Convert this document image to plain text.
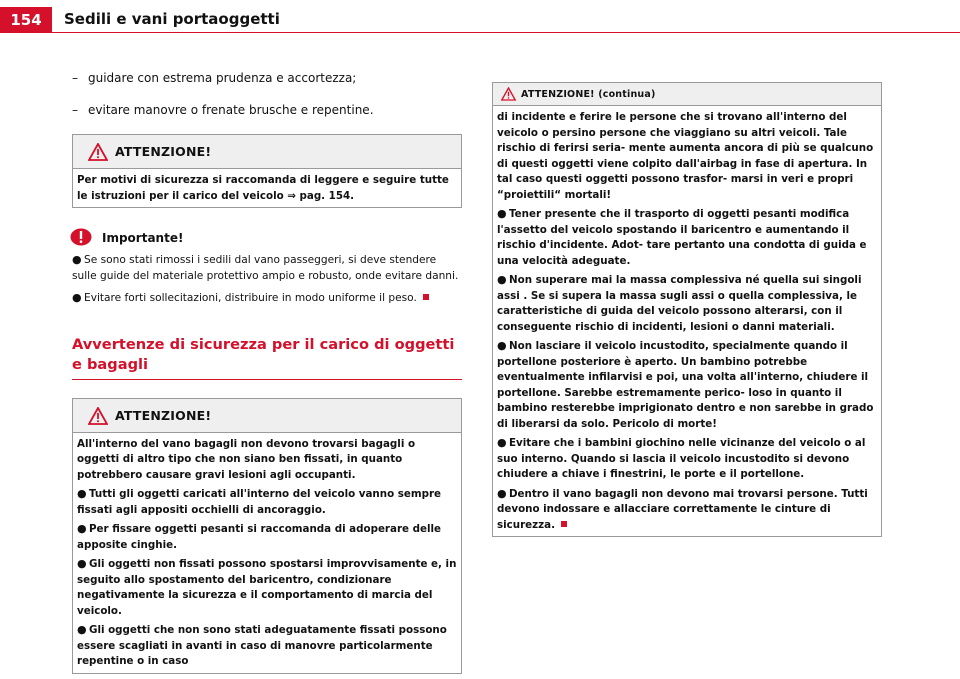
154	Sedili e vani portaoggetti

– guidare con estrema prudenza e accortezza;

– evitare manovre o frenate brusche e repentine.

ATTENZIONE!

Per motivi di sicurezza si raccomanda di leggere e seguire tutte le istruzioni per il carico del veicolo ⇒ pag. 154.

Importante!

● Se sono stati rimossi i sedili dal vano passeggeri, si deve stendere sulle guide del materiale protettivo ampio e robusto, onde evitare danni.

● Evitare forti sollecitazioni, distribuire in modo uniforme il peso.

Avvertenze di sicurezza per il carico di oggetti e bagagli
ATTENZIONE!

All'interno del vano bagagli non devono trovarsi bagagli o oggetti di altro tipo che non siano ben fissati, in quanto potrebbero causare gravi lesioni agli occupanti.

● Tutti gli oggetti caricati all'interno del veicolo vanno sempre fissati agli appositi occhielli di ancoraggio.

● Per fissare oggetti pesanti si raccomanda di adoperare delle apposite cinghie.

● Gli oggetti non fissati possono spostarsi improvvisamente e, in seguito allo spostamento del baricentro, condizionare negativamente la sicurezza e il comportamento di marcia del veicolo.

● Gli oggetti che non sono stati adeguatamente fissati possono essere scagliati in avanti in caso di manovre particolarmente repentine o in caso

ATTENZIONE! (continua)

di incidente e ferire le persone che si trovano all'interno del veicolo o persino persone che viaggiano su altri veicoli. Tale rischio di ferirsi seria- mente aumenta ancora di più se qualcuno di questi oggetti viene colpito dall'airbag in fase di apertura. In tal caso questi oggetti possono trasfor- marsi in veri e propri “proiettili“ mortali!

● Tener presente che il trasporto di oggetti pesanti modifica l'assetto del veicolo spostando il baricentro e aumentando il rischio d'incidente. Adot- tare pertanto una condotta di guida e una velocità adeguate.

● Non superare mai la massa complessiva né quella sui singoli assi . Se si supera la massa sugli assi o quella complessiva, le caratteristiche di guida del veicolo possono alterarsi, con il conseguente rischio di incidenti, lesioni o danni materiali.

● Non lasciare il veicolo incustodito, specialmente quando il portellone posteriore è aperto. Un bambino potrebbe eventualmente infilarvisi e poi, una volta all'interno, chiudere il portellone. Sarebbe estremamente perico- loso in quanto il bambino resterebbe imprigionato dentro e non sarebbe in grado di liberarsi da solo. Pericolo di morte!

● Evitare che i bambini giochino nelle vicinanze del veicolo o al suo interno. Quando si lascia il veicolo incustodito si devono chiudere a chiave i finestrini, le porte e il portellone.

● Dentro il vano bagagli non devono mai trovarsi persone. Tutti devono indossare e allacciare correttamente le cinture di sicurezza.
